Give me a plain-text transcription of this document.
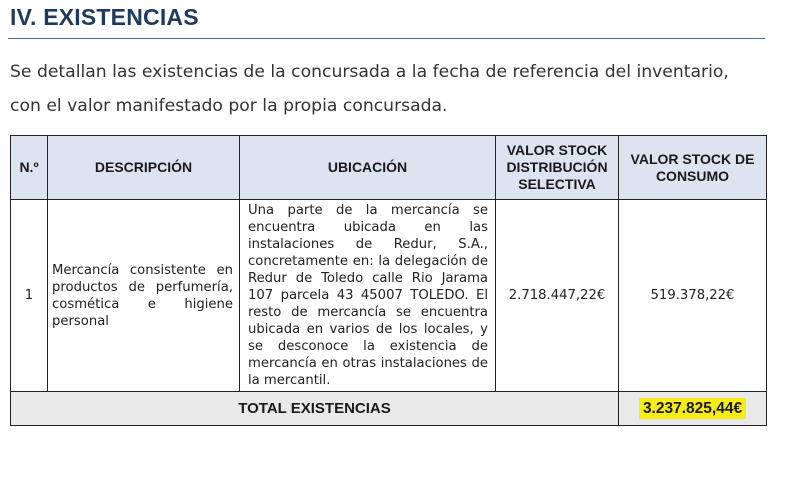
IV. EXISTENCIAS
Se detallan las existencias de la concursada a la fecha de referencia del inventario,
con el valor manifestado por la propia concursada.
N.º	DESCRIPCIÓN	UBICACIÓN	VALOR STOCK DISTRIBUCIÓN SELECTIVA	VALOR STOCK DE CONSUMO
1	Mercancía consistente en productos de perfumería, cosmética e higiene personal	Una parte de la mercancía se encuentra ubicada en las instalaciones de Redur, S.A., concretamente en: la delegación de Redur de Toledo calle Rio Jarama 107 parcela 43 45007 TOLEDO. El resto de mercancía se encuentra ubicada en varios de los locales, y se desconoce la existencia de mercancía en otras instalaciones de la mercantil.	2.718.447,22€	519.378,22€
TOTAL EXISTENCIAS				3.237.825,44€
